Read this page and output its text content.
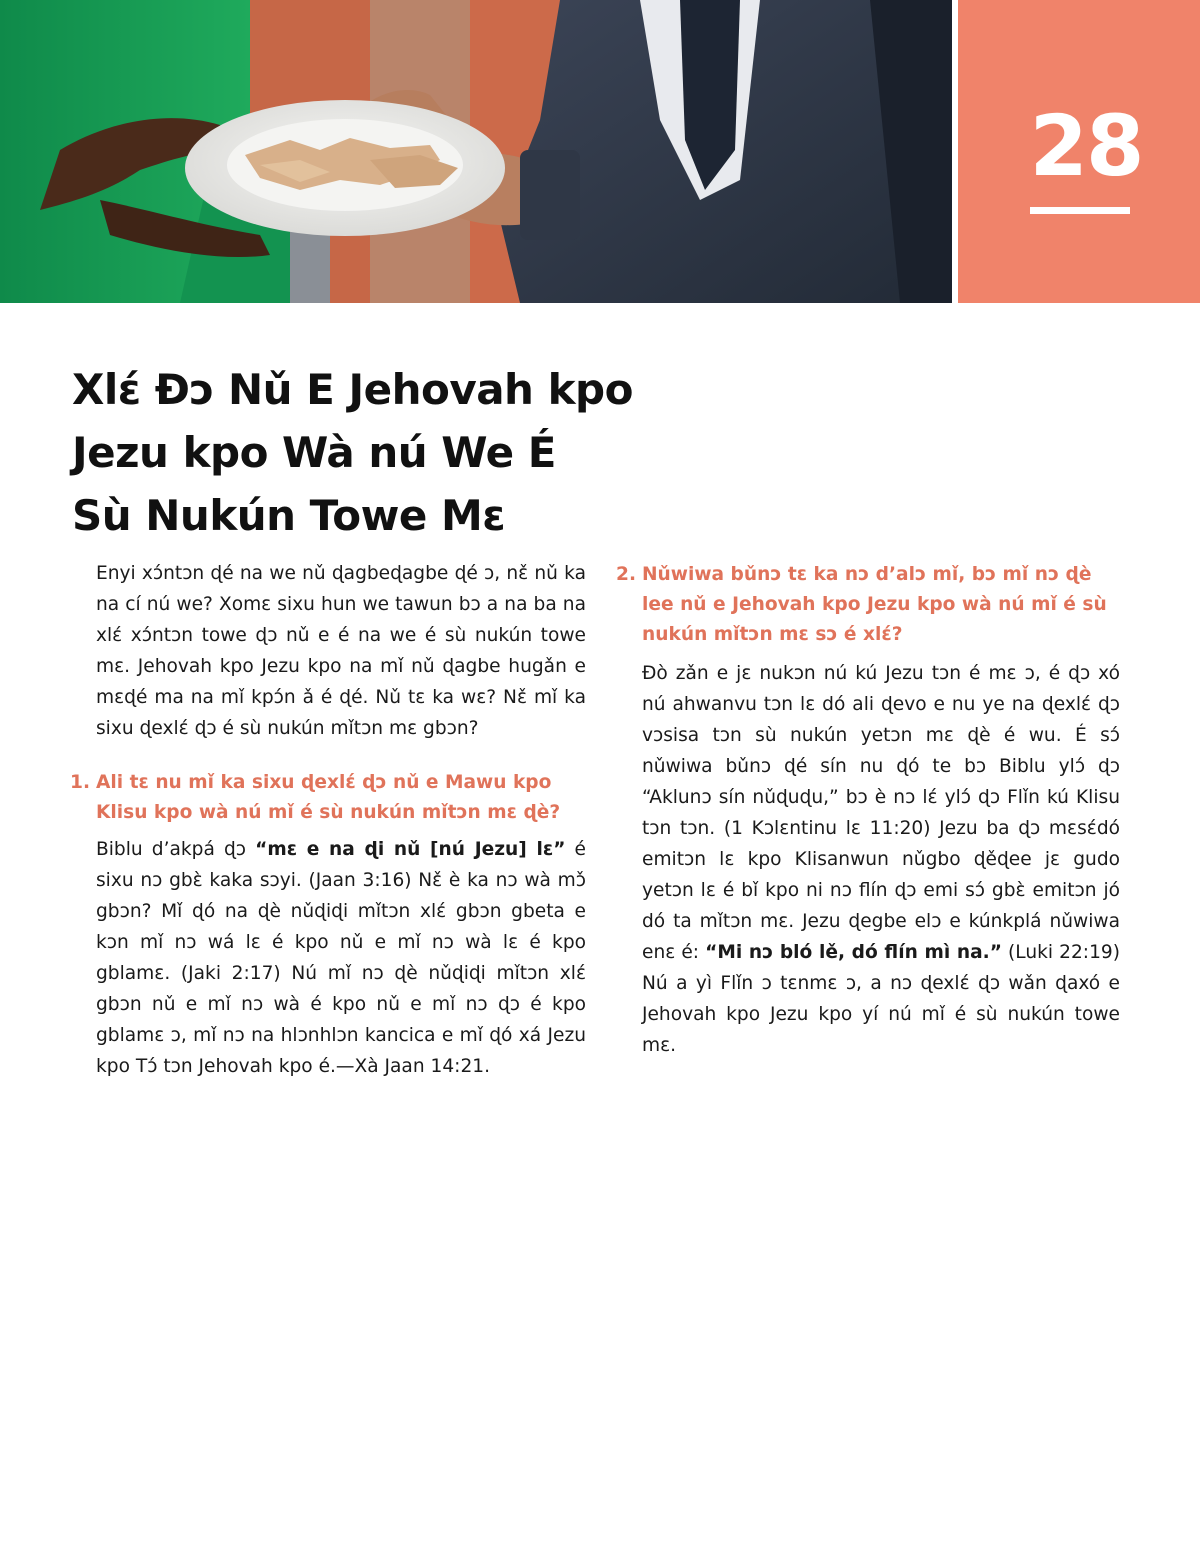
28
Xlɛ́ Ðɔ Nǔ E Jehovah kpo
Jezu kpo Wà nú We É
Sù Nukún Towe Mɛ

Enyi xɔ́ntɔn ɖé na we nǔ ɖagbeɖagbe ɖé ɔ, nɛ̌ nǔ ka na cí nú we? Xomɛ sixu hun we tawun bɔ a na ba na xlɛ́ xɔ́ntɔn towe ɖɔ nǔ e é na we é sù nukún towe mɛ. Jehovah kpo Jezu kpo na mǐ nǔ ɖagbe hugǎn e mɛɖé ma na mǐ kpɔ́n ǎ é ɖé. Nǔ tɛ ka wɛ? Nɛ̌ mǐ ka sixu ɖexlɛ́ ɖɔ é sù nukún mǐtɔn mɛ gbɔn?

1. Ali tɛ nu mǐ ka sixu ɖexlɛ́ ɖɔ nǔ e Mawu kpo Klisu kpo wà nú mǐ é sù nukún mǐtɔn mɛ ɖè?

Biblu d’akpá ɖɔ “mɛ e na ɖi nǔ [nú Jezu] lɛ” é sixu nɔ gbɛ̀ kaka sɔyi. (Jaan 3:16) Nɛ̌ è ka nɔ wà mɔ̌ gbɔn? Mǐ ɖó na ɖè nǔɖiɖi mǐtɔn xlɛ́ gbɔn gbeta e kɔn mǐ nɔ wá lɛ é kpo nǔ e mǐ nɔ wà lɛ é kpo gblamɛ. (Jaki 2:17) Nú mǐ nɔ ɖè nǔɖiɖi mǐtɔn xlɛ́ gbɔn nǔ e mǐ nɔ wà é kpo nǔ e mǐ nɔ ɖɔ é kpo gblamɛ ɔ, mǐ nɔ na hlɔnhlɔn kancica e mǐ ɖó xá Jezu kpo Tɔ́ tɔn Jehovah kpo é.—Xà Jaan 14:21.

2. Nǔwiwa bǔnɔ tɛ ka nɔ d’alɔ mǐ, bɔ mǐ nɔ ɖè lee nǔ e Jehovah kpo Jezu kpo wà nú mǐ é sù nukún mǐtɔn mɛ sɔ é xlɛ́?

Ðò zǎn e jɛ nukɔn nú kú Jezu tɔn é mɛ ɔ, é ɖɔ xó nú ahwanvu tɔn lɛ dó ali ɖevo e nu ye na ɖexlɛ́ ɖɔ vɔsisa tɔn sù nukún yetɔn mɛ ɖè é wu. É sɔ́ nǔwiwa bǔnɔ ɖé sín nu ɖó te bɔ Biblu ylɔ́ ɖɔ “Aklunɔ sín nǔɖuɖu,” bɔ è nɔ lɛ́ ylɔ́ ɖɔ Flǐn kú Klisu tɔn tɔn. (1 Kɔlɛntinu lɛ 11:20) Jezu ba ɖɔ mɛsɛ́dó emitɔn lɛ kpo Klisanwun nǔgbo ɖěɖee jɛ gudo yetɔn lɛ é bǐ kpo ni nɔ flín ɖɔ emi sɔ́ gbɛ̀ emitɔn jó dó ta mǐtɔn mɛ. Jezu ɖegbe elɔ e kúnkplá nǔwiwa enɛ é: “Mi nɔ bló lě, dó flín mì na.” (Luki 22:19) Nú a yì Flǐn ɔ tɛnmɛ ɔ, a nɔ ɖexlɛ́ ɖɔ wǎn ɖaxó e Jehovah kpo Jezu kpo yí nú mǐ é sù nukún towe mɛ.
